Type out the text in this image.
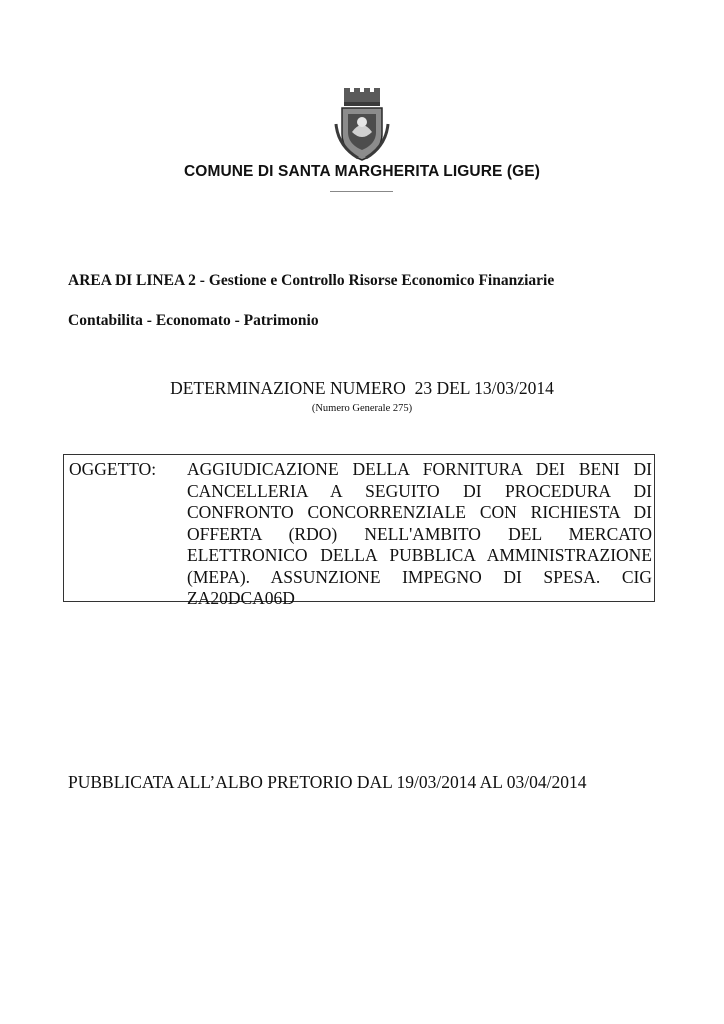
COMUNE DI SANTA MARGHERITA LIGURE (GE)
AREA DI LINEA 2 - Gestione e Controllo Risorse Economico Finanziarie
Contabilita - Economato - Patrimonio
DETERMINAZIONE NUMERO  23 DEL 13/03/2014
(Numero Generale 275)
OGGETTO: AGGIUDICAZIONE DELLA FORNITURA DEI BENI DI
CANCELLERIA A SEGUITO DI PROCEDURA DI
CONFRONTO CONCORRENZIALE CON RICHIESTA DI
OFFERTA (RDO) NELL'AMBITO DEL MERCATO
ELETTRONICO DELLA PUBBLICA AMMINISTRAZIONE
(MEPA). ASSUNZIONE IMPEGNO DI SPESA. CIG
ZA20DCA06D
PUBBLICATA ALL’ALBO PRETORIO DAL 19/03/2014 AL 03/04/2014
